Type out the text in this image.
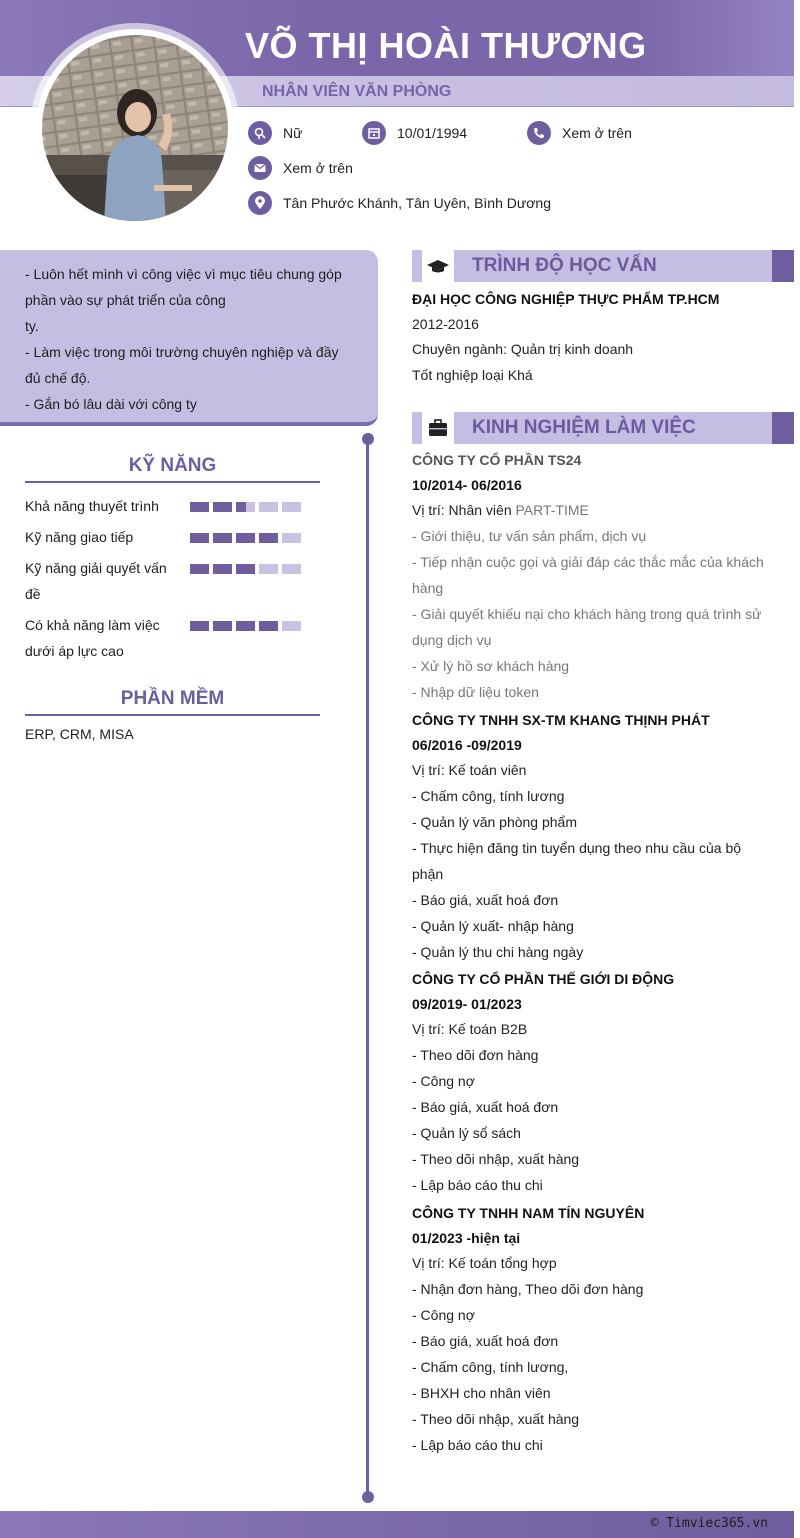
VÕ THỊ HOÀI THƯƠNG
NHÂN VIÊN VĂN PHÒNG
Nữ	10/01/1994	Xem ở trên
Xem ở trên
Tân Phước Khánh, Tân Uyên, Bình Dương
- Luôn hết mình vì công việc vì mục tiêu chung góp
phần vào sự phát triển của công
ty.
- Làm việc trong môi trường chuyên nghiệp và đầy
đủ chế độ.
- Gắn bó lâu dài với công ty
KỸ NĂNG
Khả năng thuyết trình
Kỹ năng giao tiếp
Kỹ năng giải quyết vấn
đề
Có khả năng làm việc
dưới áp lực cao
PHẦN MỀM
ERP, CRM, MISA
TRÌNH ĐỘ HỌC VẤN
ĐẠI HỌC CÔNG NGHIỆP THỰC PHẨM TP.HCM
2012-2016
Chuyên ngành: Quản trị kinh doanh
Tốt nghiệp loại Khá
KINH NGHIỆM LÀM VIỆC
CÔNG TY CỔ PHẦN TS24
10/2014- 06/2016
Vị trí: Nhân viên PART-TIME
- Giới thiệu, tư vấn sản phẩm, dịch vụ
- Tiếp nhận cuộc gọi và giải đáp các thắc mắc của khách
hàng
- Giải quyết khiếu nại cho khách hàng trong quá trình sử
dụng dịch vụ
- Xử lý hồ sơ khách hàng
- Nhập dữ liệu token
CÔNG TY TNHH SX-TM KHANG THỊNH PHÁT
06/2016 -09/2019
Vị trí: Kế toán viên
- Chấm công, tính lương
- Quản lý văn phòng phẩm
- Thực hiện đăng tin tuyển dụng theo nhu cầu của bộ
phận
- Báo giá, xuất hoá đơn
- Quản lý xuất- nhập hàng
- Quản lý thu chi hàng ngày
CÔNG TY CỔ PHẦN THẾ GIỚI DI ĐỘNG
09/2019- 01/2023
Vị trí: Kế toán B2B
- Theo dõi đơn hàng
- Công nợ
- Báo giá, xuất hoá đơn
- Quản lý sổ sách
- Theo dõi nhập, xuất hàng
- Lập báo cáo thu chi
CÔNG TY TNHH NAM TÍN NGUYÊN
01/2023 -hiện tại
Vị trí: Kế toán tổng hợp
- Nhận đơn hàng, Theo dõi đơn hàng
- Công nợ
- Báo giá, xuất hoá đơn
- Chấm công, tính lương,
- BHXH cho nhân viên
- Theo dõi nhập, xuất hàng
- Lập báo cáo thu chi
© Timviec365.vn
